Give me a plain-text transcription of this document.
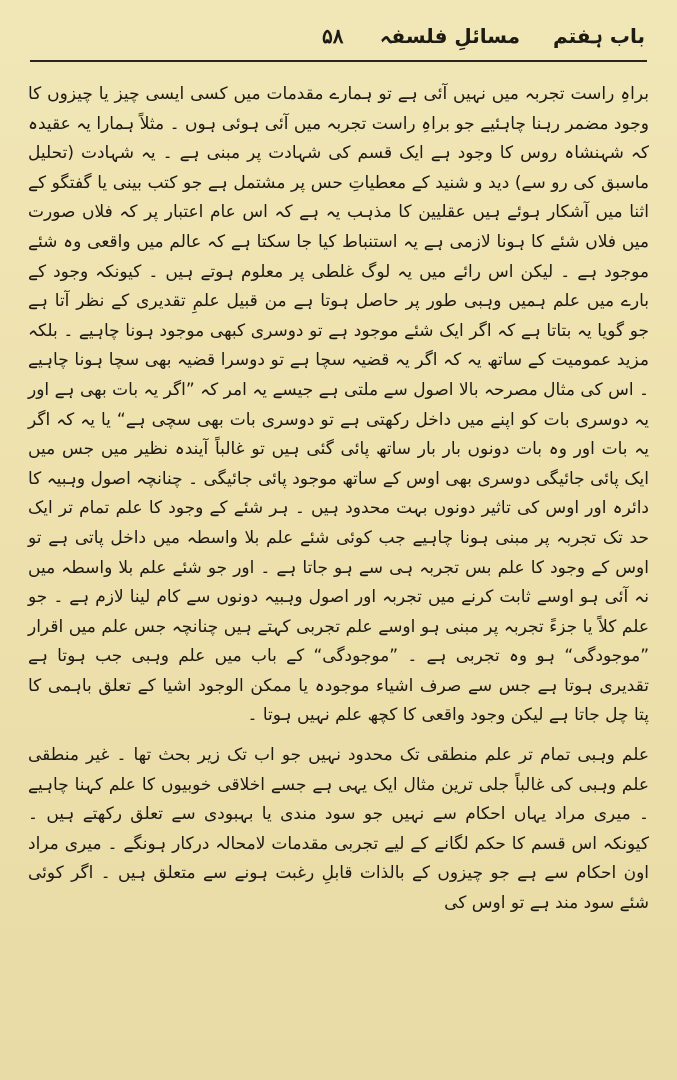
باب ہفتم
مسائلِ فلسفہ
۵۸

براہِ راست تجربہ میں نہیں آئی ہے تو ہمارے مقدمات میں کسی ایسی چیز یا چیزوں کا وجود مضمر رہنا چاہئیے جو براہِ راست تجربہ میں آئی ہوئی ہوں ۔ مثلاً ہمارا یہ عقیدہ کہ شہنشاہ روس کا وجود ہے ایک قسم کی شہادت پر مبنی ہے ۔ یہ شہادت (تحلیل ماسبق کی رو سے) دید و شنید کے معطیاتِ حس پر مشتمل ہے جو کتب بینی یا گفتگو کے اثنا میں آشکار ہوئے ہیں عقلیین کا مذہب یہ ہے کہ اس عام اعتبار پر کہ فلاں صورت میں فلاں شئے کا ہونا لازمی ہے یہ استنباط کیا جا سکتا ہے کہ عالم میں واقعی وہ شئے موجود ہے ۔ لیکن اس رائے میں یہ لوگ غلطی پر معلوم ہوتے ہیں ۔ کیونکہ وجود کے بارے میں علم ہمیں وہبی طور پر حاصل ہوتا ہے من قبیل علمِ تقدیری کے نظر آتا ہے جو گویا یہ بتاتا ہے کہ اگر ایک شئے موجود ہے تو دوسری کبھی موجود ہونا چاہیے ۔ بلکہ مزید عمومیت کے ساتھ یہ کہ اگر یہ قضیہ سچا ہے تو دوسرا قضیہ بھی سچا ہونا چاہیے ۔ اس کی مثال مصرحہ بالا اصول سے ملتی ہے جیسے یہ امر کہ ”اگر یہ بات بھی ہے اور یہ دوسری بات کو اپنے میں داخل رکھتی ہے تو دوسری بات بھی سچی ہے“ یا یہ کہ اگر یہ بات اور وہ بات دونوں بار بار ساتھ پائی گئی ہیں تو غالباً آیندہ نظیر میں جس میں ایک پائی جائیگی دوسری بھی اوس کے ساتھ موجود پائی جائیگی ۔ چنانچہ اصول وہبیہ کا دائرہ اور اوس کی تاثیر دونوں بہت محدود ہیں ۔ ہر شئے کے وجود کا علم تمام تر ایک حد تک تجربہ پر مبنی ہونا چاہیے جب کوئی شئے علم بلا واسطہ میں داخل پاتی ہے تو اوس کے وجود کا علم بس تجربہ ہی سے ہو جاتا ہے ۔ اور جو شئے علم بلا واسطہ میں نہ آئی ہو اوسے ثابت کرنے میں تجربہ اور اصول وہبیہ دونوں سے کام لینا لازم ہے ۔ جو علم کلاً یا جزءً تجربہ پر مبنی ہو اوسے علم تجربی کہتے ہیں چنانچہ جس علم میں اقرار ”موجودگی“ ہو وہ تجربی ہے ۔ ”موجودگی“ کے باب میں علم وہبی جب ہوتا ہے تقدیری ہوتا ہے جس سے صرف اشیاء موجودہ یا ممکن الوجود اشیا کے تعلق باہمی کا پتا چل جاتا ہے لیکن وجود واقعی کا کچھ علم نہیں ہوتا ۔

علم وہبی تمام تر علم منطقی تک محدود نہیں جو اب تک زیر بحث تھا ۔ غیر منطقی علم وہبی کی غالباً جلی ترین مثال ایک یہی ہے جسے اخلاقی خوبیوں کا علم کہنا چاہیے ۔ میری مراد یہاں احکام سے نہیں جو سود مندی یا بہبودی سے تعلق رکھتے ہیں ۔ کیونکہ اس قسم کا حکم لگانے کے لیے تجربی مقدمات لامحالہ درکار ہونگے ۔ میری مراد اون احکام سے ہے جو چیزوں کے بالذات قابلِ رغبت ہونے سے متعلق ہیں ۔ اگر کوئی شئے سود مند ہے تو اوس کی
